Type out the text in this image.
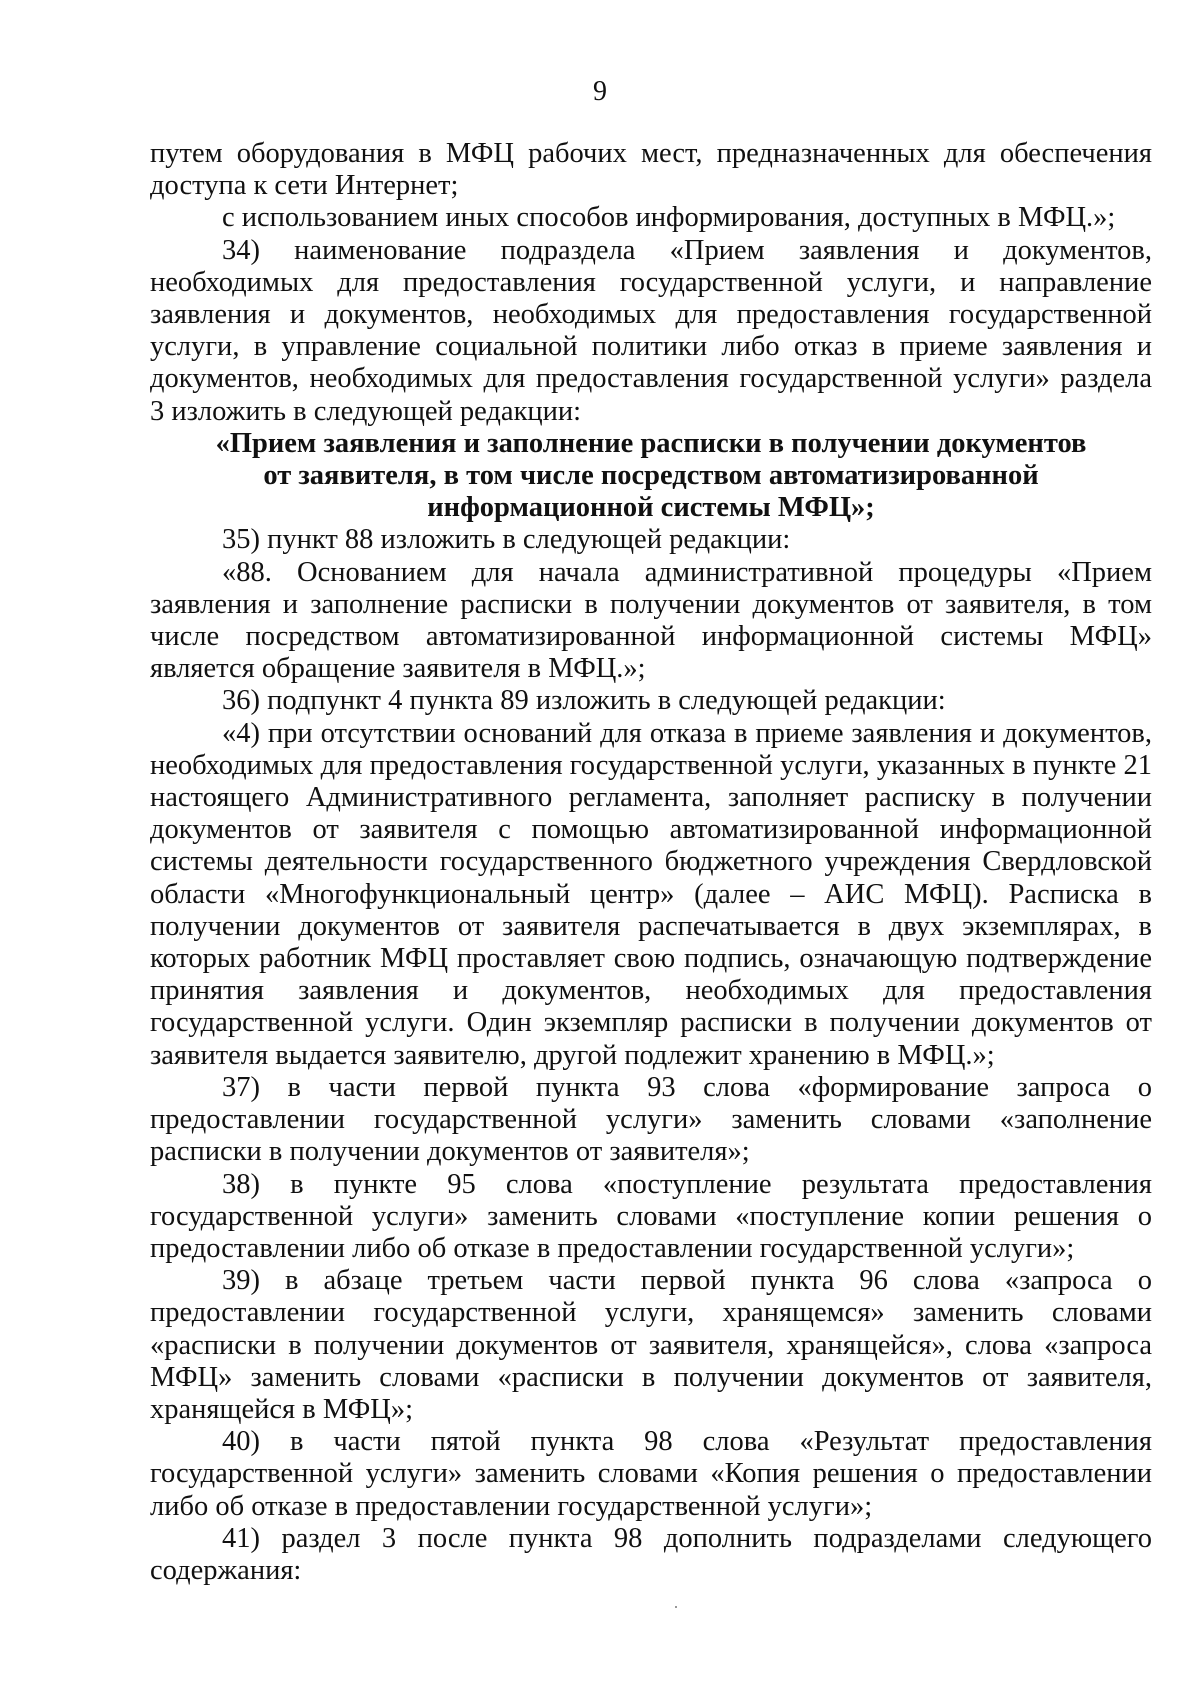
9

путем оборудования в МФЦ рабочих мест, предназначенных для обеспечения доступа к сети Интернет;

с использованием иных способов информирования, доступных в МФЦ.»;

34) наименование подраздела «Прием заявления и документов, необходимых для предоставления государственной услуги, и направление заявления и документов, необходимых для предоставления государственной услуги, в управление социальной политики либо отказ в приеме заявления и документов, необходимых для предоставления государственной услуги» раздела 3 изложить в следующей редакции:

«Прием заявления и заполнение расписки в получении документов от заявителя, в том числе посредством автоматизированной информационной системы МФЦ»;

35) пункт 88 изложить в следующей редакции:

«88. Основанием для начала административной процедуры «Прием заявления и заполнение расписки в получении документов от заявителя, в том числе посредством автоматизированной информационной системы МФЦ» является обращение заявителя в МФЦ.»;

36) подпункт 4 пункта 89 изложить в следующей редакции:

«4) при отсутствии оснований для отказа в приеме заявления и документов, необходимых для предоставления государственной услуги, указанных в пункте 21 настоящего Административного регламента, заполняет расписку в получении документов от заявителя с помощью автоматизированной информационной системы деятельности государственного бюджетного учреждения Свердловской области «Многофункциональный центр» (далее – АИС МФЦ). Расписка в получении документов от заявителя распечатывается в двух экземплярах, в которых работник МФЦ проставляет свою подпись, означающую подтверждение принятия заявления и документов, необходимых для предоставления государственной услуги. Один экземпляр расписки в получении документов от заявителя выдается заявителю, другой подлежит хранению в МФЦ.»;

37) в части первой пункта 93 слова «формирование запроса о предоставлении государственной услуги» заменить словами «заполнение расписки в получении документов от заявителя»;

38) в пункте 95 слова «поступление результата предоставления государственной услуги» заменить словами «поступление копии решения о предоставлении либо об отказе в предоставлении государственной услуги»;

39) в абзаце третьем части первой пункта 96 слова «запроса о предоставлении государственной услуги, хранящемся» заменить словами «расписки в получении документов от заявителя, хранящейся», слова «запроса МФЦ» заменить словами «расписки в получении документов от заявителя, хранящейся в МФЦ»;

40) в части пятой пункта 98 слова «Результат предоставления государственной услуги» заменить словами «Копия решения о предоставлении либо об отказе в предоставлении государственной услуги»;

41) раздел 3 после пункта 98 дополнить подразделами следующего содержания:
